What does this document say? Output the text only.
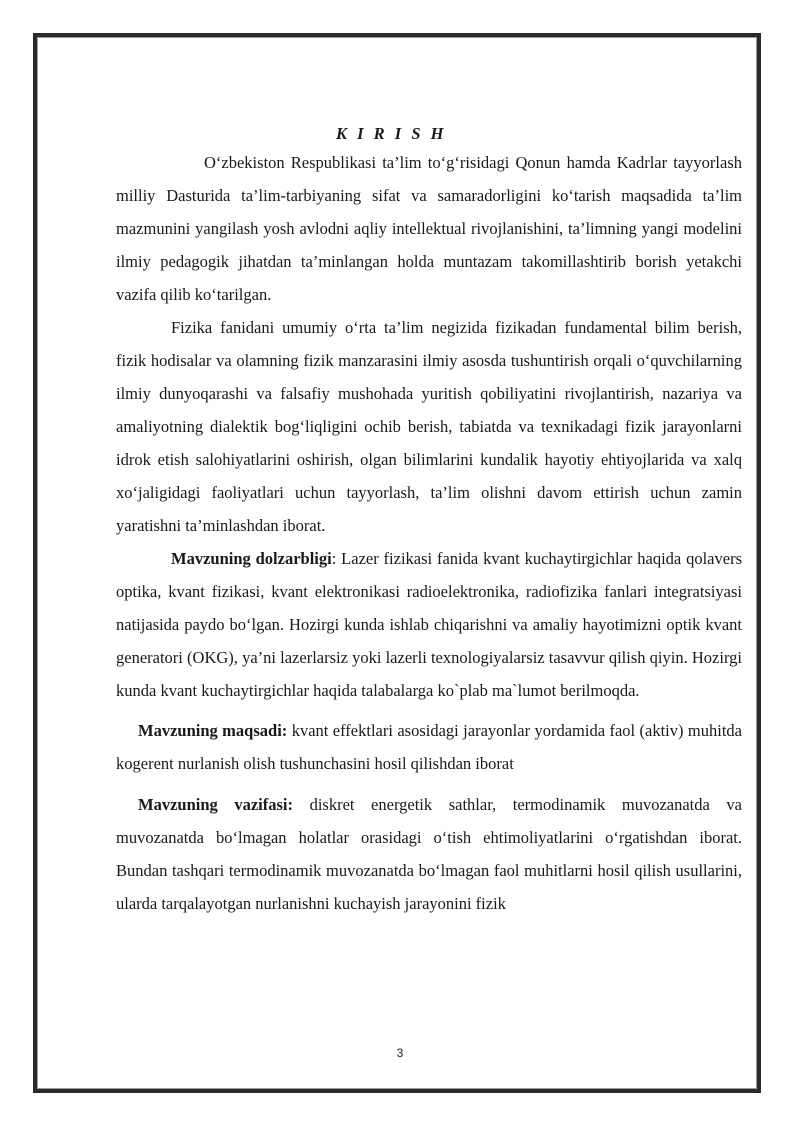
K I R I S H

O‘zbekiston Respublikasi ta’lim to‘g‘risidagi Qonun hamda Kadrlar tayyorlash milliy Dasturida ta’lim-tarbiyaning sifat va samaradorligini ko‘tarish maqsadida ta’lim mazmunini yangilash yosh avlodni aqliy intellektual rivojlanishini, ta’limning yangi modelini ilmiy pedagogik jihatdan ta’minlangan holda muntazam takomillashtirib borish yetakchi vazifa qilib ko‘tarilgan.

Fizika fanidani umumiy o‘rta ta’lim negizida fizikadan fundamental bilim berish, fizik hodisalar va olamning fizik manzarasini ilmiy asosda tushuntirish orqali o‘quvchilarning ilmiy dunyoqarashi va falsafiy mushohada yuritish qobiliyatini rivojlantirish, nazariya va amaliyotning dialektik bog‘liqligini ochib berish, tabiatda va texnikadagi fizik jarayonlarni idrok etish salohiyatlarini oshirish, olgan bilimlarini kundalik hayotiy ehtiyojlarida va xalq xo‘jaligidagi faoliyatlari uchun tayyorlash, ta’lim olishni davom ettirish uchun zamin yaratishni ta’minlashdan iborat.

Mavzuning dolzarbligi: Lazer fizikasi fanida kvant kuchaytirgichlar haqida qolavers optika, kvant fizikasi, kvant elektronikasi radioelektronika, radiofizika fanlari integratsiyasi natijasida paydo bo‘lgan. Hozirgi kunda ishlab chiqarishni va amaliy hayotimizni optik kvant generatori (OKG), ya’ni lazerlarsiz yoki lazerli texnologiyalarsiz tasavvur qilish qiyin. Hozirgi kunda kvant kuchaytirgichlar haqida talabalarga ko`plab ma`lumot berilmoqda.

Mavzuning maqsadi: kvant effektlari asosidagi jarayonlar yordamida faol (aktiv) muhitda kogerent nurlanish olish tushunchasini hosil qilishdan iborat

Mavzuning vazifasi: diskret energetik sathlar, termodinamik muvozanatda va muvozanatda bo‘lmagan holatlar orasidagi o‘tish ehtimoliyatlarini o‘rgatishdan iborat. Bundan tashqari termodinamik muvozanatda bo‘lmagan faol muhitlarni hosil qilish usullarini, ularda tarqalayotgan nurlanishni kuchayish jarayonini fizik

3
